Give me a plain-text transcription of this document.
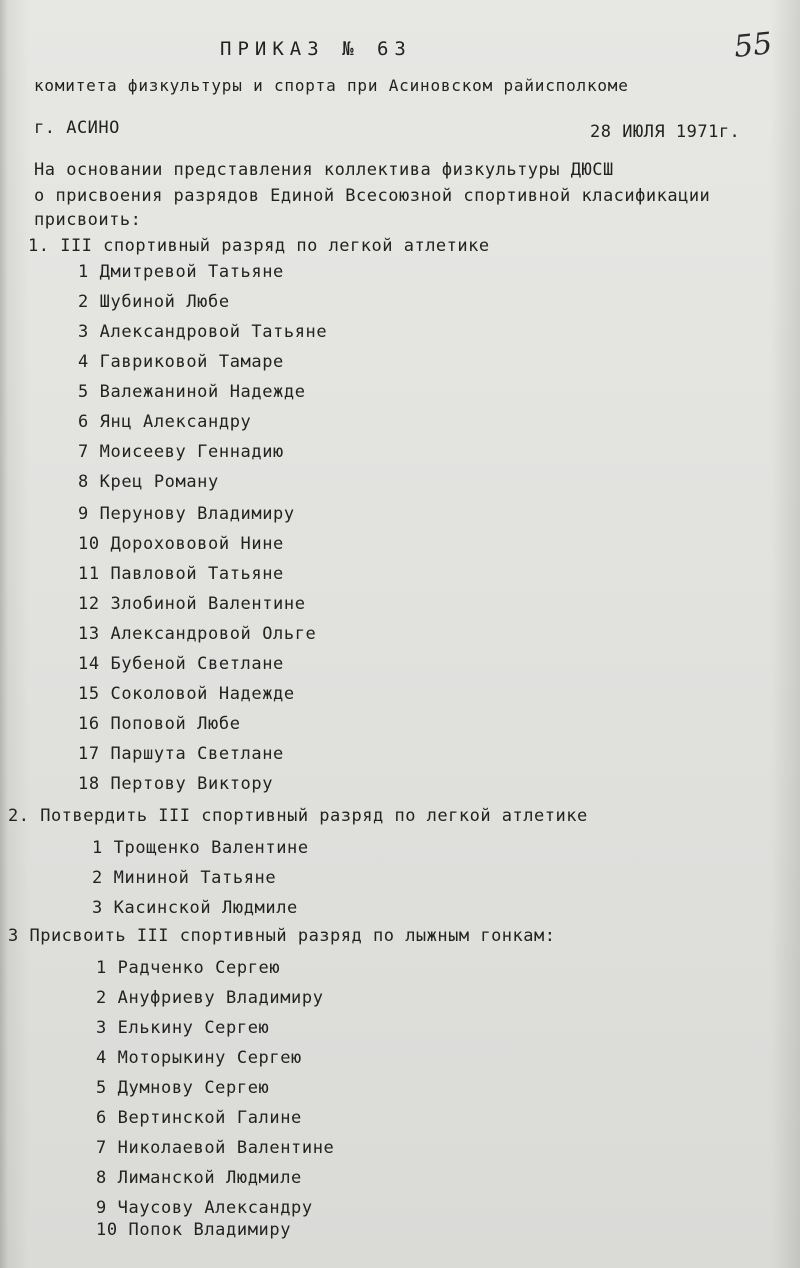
55
ПРИКАЗ № 63
комитета физкультуры и спорта при Асиновском райисполкоме
г. АСИНО	28 ИЮЛЯ 1971г.
На основании представления коллектива физкультуры ДЮСШ
о присвоения разрядов Единой Всесоюзной спортивной класификации
присвоить:
1. III спортивный разряд по легкой атлетике
1 Дмитревой Татьяне
2 Шубиной Любе
3 Александровой Татьяне
4 Гавриковой Тамаре
5 Валежаниной Надежде
6 Янц Александру
7 Моисееву Геннадию
8 Крец Роману
9 Перунову Владимиру
10 Дорохововой Нине
11 Павловой Татьяне
12 Злобиной Валентине
13 Александровой Ольге
14 Бубеной Светлане
15 Соколовой Надежде
16 Поповой Любе
17 Паршута Светлане
18 Пертову Виктору
2. Потвердить III спортивный разряд по легкой атлетике
1 Трощенко Валентине
2 Мининой Татьяне
3 Касинской Людмиле
3 Присвоить III спортивный разряд по лыжным гонкам:
1 Радченко Сергею
2 Ануфриеву Владимиру
3 Елькину Сергею
4 Моторыкину Сергею
5 Думнову Сергею
6 Вертинской Галине
7 Николаевой Валентине
8 Лиманской Людмиле
9 Чаусову Александру
10 Попок Владимиру
